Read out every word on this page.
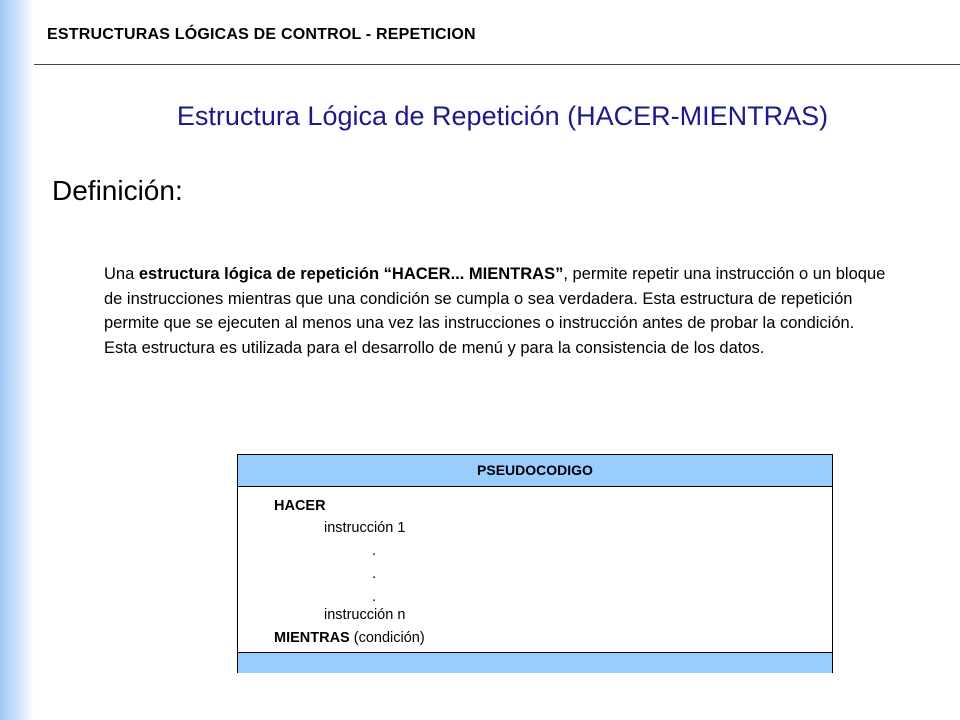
ESTRUCTURAS LÓGICAS DE CONTROL - REPETICION
Estructura Lógica de Repetición (HACER-MIENTRAS)
Definición:

Una estructura lógica de repetición “HACER... MIENTRAS”, permite repetir una instrucción o un bloque de instrucciones mientras que una condición se cumpla o sea verdadera. Esta estructura de repetición permite que se ejecuten al menos una vez las instrucciones o instrucción antes de probar la condición.

Esta estructura es utilizada para el desarrollo de menú y para la consistencia de los datos.

PSEUDOCODIGO
HACER
instrucción 1
.
.
.
instrucción n
MIENTRAS (condición)
